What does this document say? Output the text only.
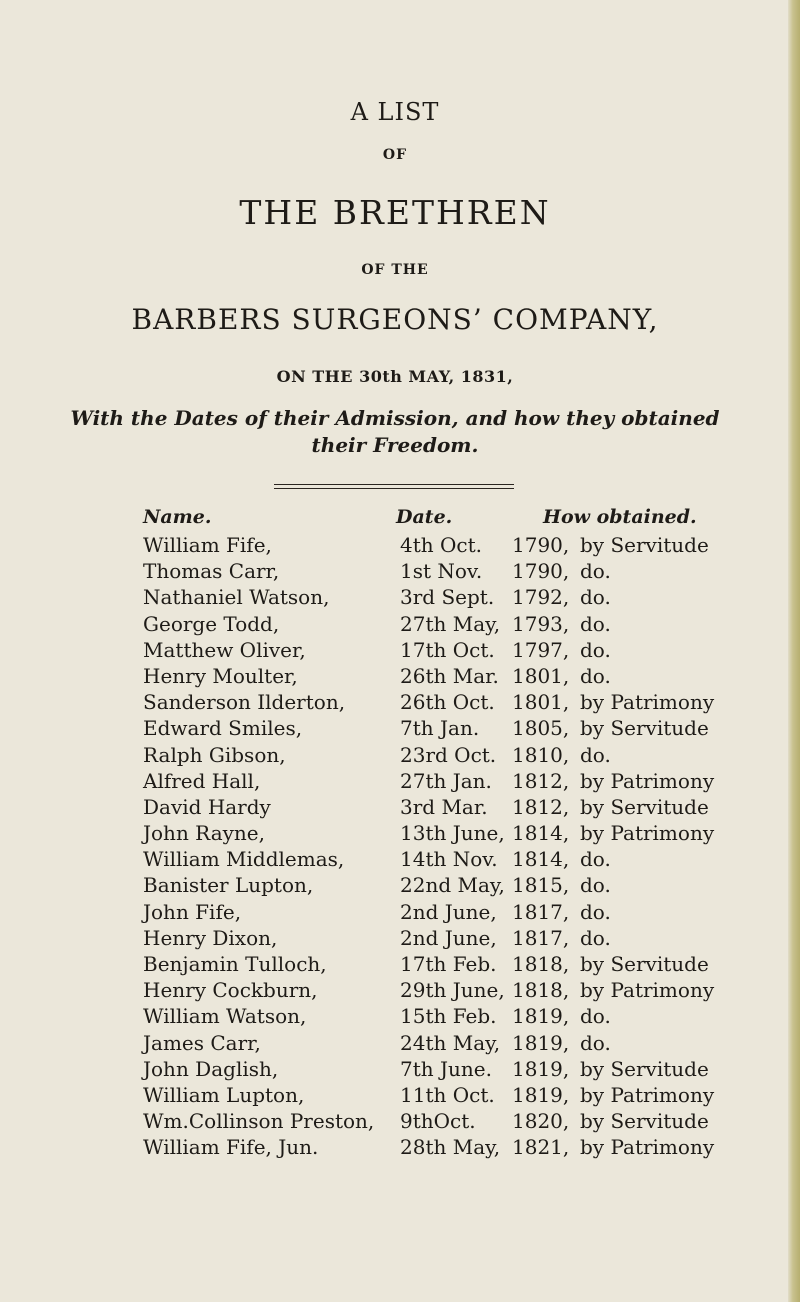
A LIST
OF
THE BRETHREN
OF THE
BARBERS SURGEONS’ COMPANY,
ON THE 30th MAY, 1831,
With the Dates of their Admission, and how they obtained their Freedom.
Name.	Date.	How obtained.
William Fife,	4th Oct. 1790, by Servitude
Thomas Carr,	1st Nov. 1790, do.
Nathaniel Watson,	3rd Sept. 1792, do.
George Todd,	27th May, 1793, do.
Matthew Oliver,	17th Oct. 1797, do.
Henry Moulter,	26th Mar. 1801, do.
Sanderson Ilderton,	26th Oct. 1801, by Patrimony
Edward Smiles,	7th Jan. 1805, by Servitude
Ralph Gibson,	23rd Oct. 1810, do.
Alfred Hall,	27th Jan. 1812, by Patrimony
David Hardy	3rd Mar. 1812, by Servitude
John Rayne,	13th June, 1814, by Patrimony
William Middlemas,	14th Nov. 1814, do.
Banister Lupton,	22nd May, 1815, do.
John Fife,	2nd June, 1817, do.
Henry Dixon,	2nd June, 1817, do.
Benjamin Tulloch,	17th Feb. 1818, by Servitude
Henry Cockburn,	29th June, 1818, by Patrimony
William Watson,	15th Feb. 1819, do.
James Carr,	24th May, 1819, do.
John Daglish,	7th June. 1819, by Servitude
William Lupton,	11th Oct. 1819, by Patrimony
Wm.Collinson Preston, 9thOct. 1820, by Servitude
William Fife, Jun.	28th May, 1821, by Patrimony
